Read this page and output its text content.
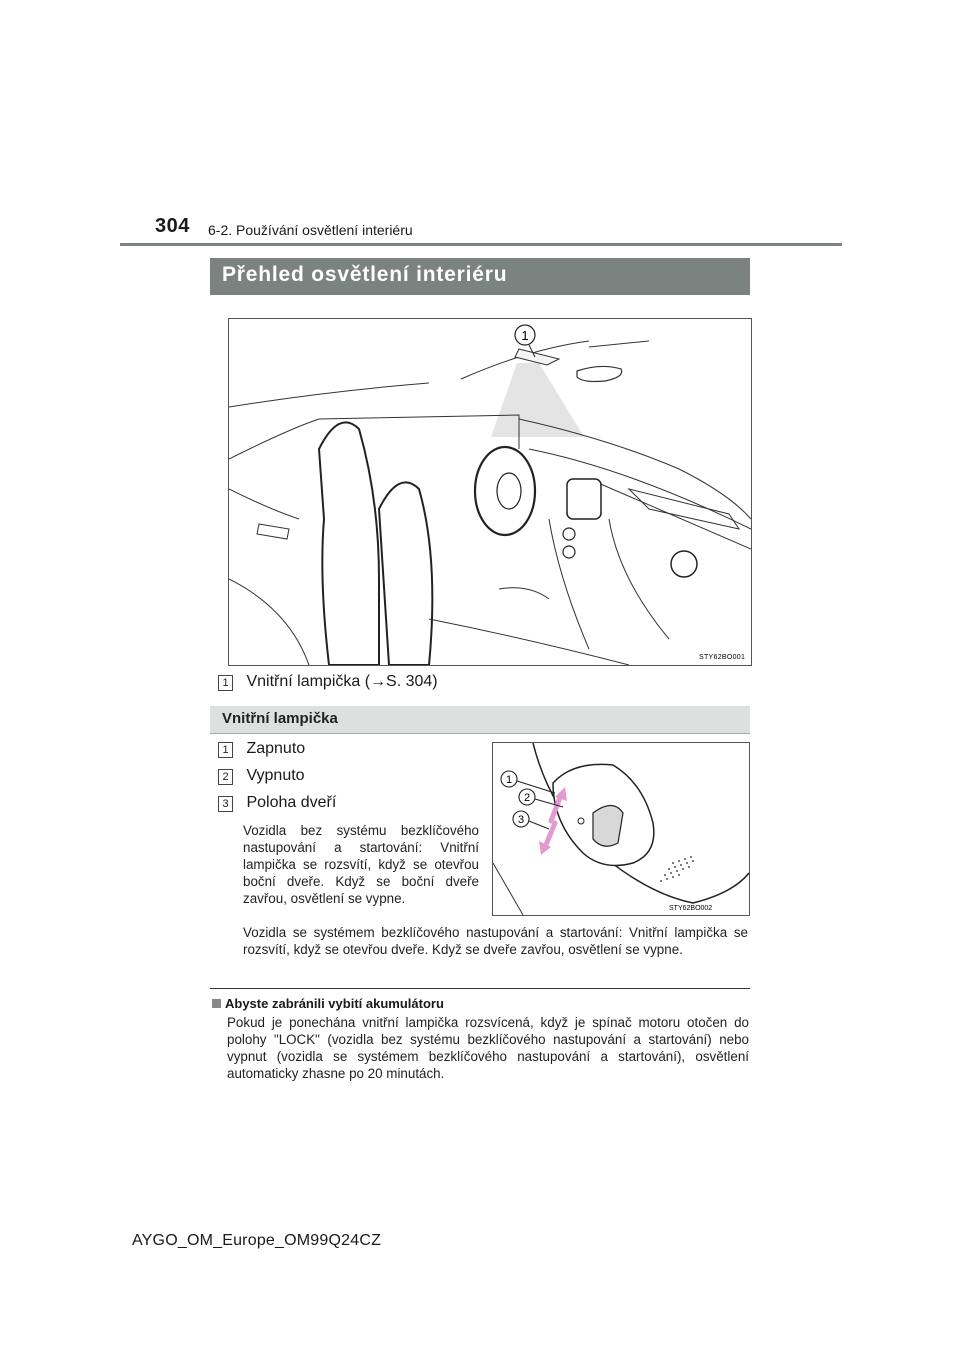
304 6-2. Používání osvětlení interiéru
Přehled osvětlení interiéru
1
STY62BO001
1 Vnitřní lampička (→S. 304)
Vnitřní lampička
1 Zapnuto
2 Vypnuto
3 Poloha dveří
Vozidla bez systému bezklíčového nastupování a startování: Vnitřní lampička se rozsvítí, když se otevřou boční dveře. Když se boční dveře zavřou, osvětlení se vypne.
1
2
3
STY62BO002
Vozidla se systémem bezklíčového nastupování a startování: Vnitřní lampička se rozsvítí, když se otevřou dveře. Když se dveře zavřou, osvětlení se vypne.
Abyste zabránili vybití akumulátoru
Pokud je ponechána vnitřní lampička rozsvícená, když je spínač motoru otočen do polohy "LOCK" (vozidla bez systému bezklíčového nastupování a startování) nebo vypnut (vozidla se systémem bezklíčového nastupování a startování), osvětlení automaticky zhasne po 20 minutách.
AYGO_OM_Europe_OM99Q24CZ
